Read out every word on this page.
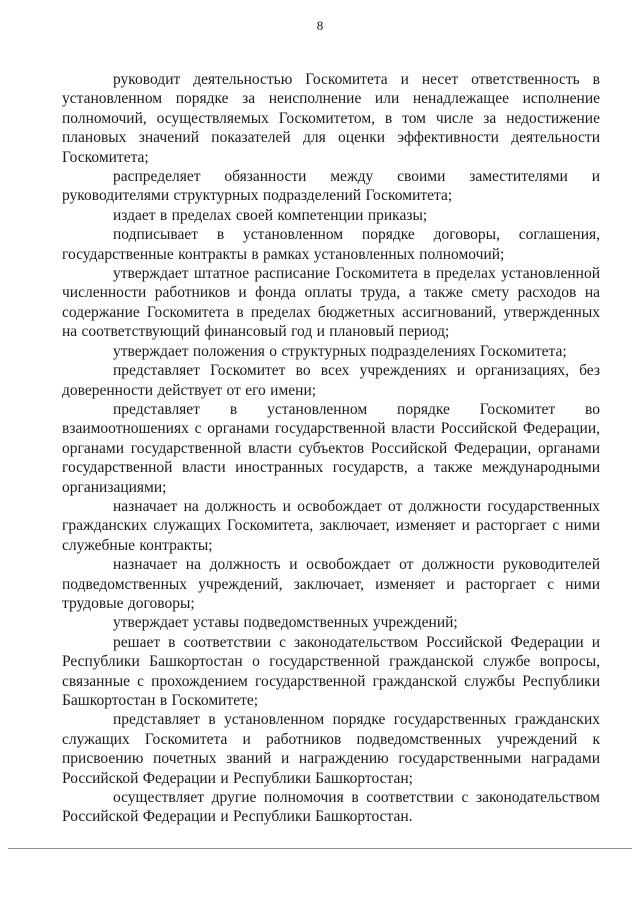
8

руководит деятельностью Госкомитета и несет ответственность в установленном порядке за неисполнение или ненадлежащее исполнение полномочий, осуществляемых Госкомитетом, в том числе за недостижение плановых значений показателей для оценки эффективности деятельности Госкомитета;

распределяет обязанности между своими заместителями и руководителями структурных подразделений Госкомитета;

издает в пределах своей компетенции приказы;

подписывает в установленном порядке договоры, соглашения, государственные контракты в рамках установленных полномочий;

утверждает штатное расписание Госкомитета в пределах установленной численности работников и фонда оплаты труда, а также смету расходов на содержание Госкомитета в пределах бюджетных ассигнований, утвержденных на соответствующий финансовый год и плановый период;

утверждает положения о структурных подразделениях Госкомитета;

представляет Госкомитет во всех учреждениях и организациях, без доверенности действует от его имени;

представляет в установленном порядке Госкомитет во взаимоотношениях с органами государственной власти Российской Федерации, органами государственной власти субъектов Российской Федерации, органами государственной власти иностранных государств, а также международными организациями;

назначает на должность и освобождает от должности государственных гражданских служащих Госкомитета, заключает, изменяет и расторгает с ними служебные контракты;

назначает на должность и освобождает от должности руководителей подведомственных учреждений, заключает, изменяет и расторгает с ними трудовые договоры;

утверждает уставы подведомственных учреждений;

решает в соответствии с законодательством Российской Федерации и Республики Башкортостан о государственной гражданской службе вопросы, связанные с прохождением государственной гражданской службы Республики Башкортостан в Госкомитете;

представляет в установленном порядке государственных гражданских служащих Госкомитета и работников подведомственных учреждений к присвоению почетных званий и награждению государственными наградами Российской Федерации и Республики Башкортостан;

осуществляет другие полномочия в соответствии с законодательством Российской Федерации и Республики Башкортостан.
